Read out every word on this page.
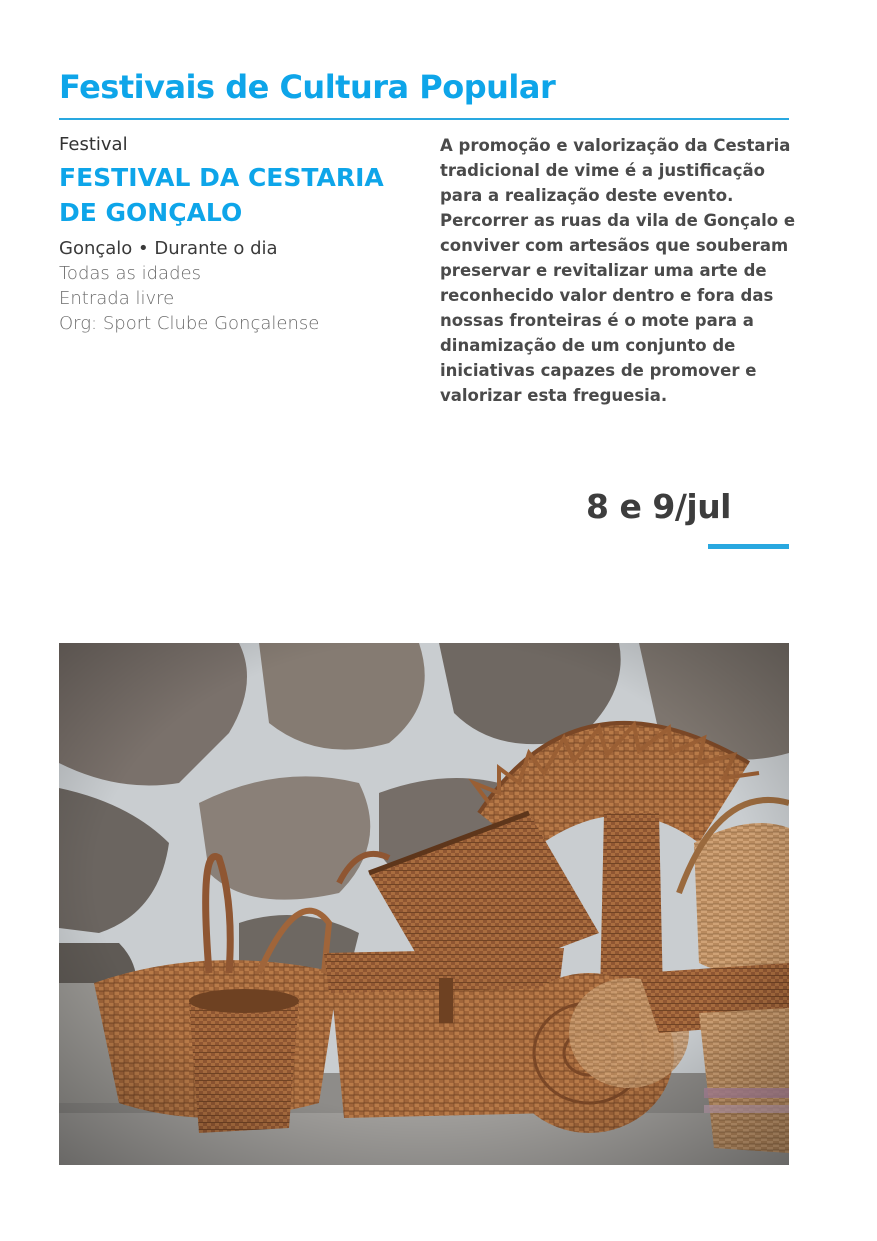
Festivais de Cultura Popular
Festival
FESTIVAL DA CESTARIA
DE GONÇALO
Gonçalo • Durante o dia
Todas as idades
Entrada livre
Org: Sport Clube Gonçalense

A promoção e valorização da Cestaria
tradicional de vime é a justificação
para a realização deste evento.
Percorrer as ruas da vila de Gonçalo e
conviver com artesãos que souberam
preservar e revitalizar uma arte de
reconhecido valor dentro e fora das
nossas fronteiras é o mote para a
dinamização de um conjunto de
iniciativas capazes de promover e
valorizar esta freguesia.

8 e 9/jul
